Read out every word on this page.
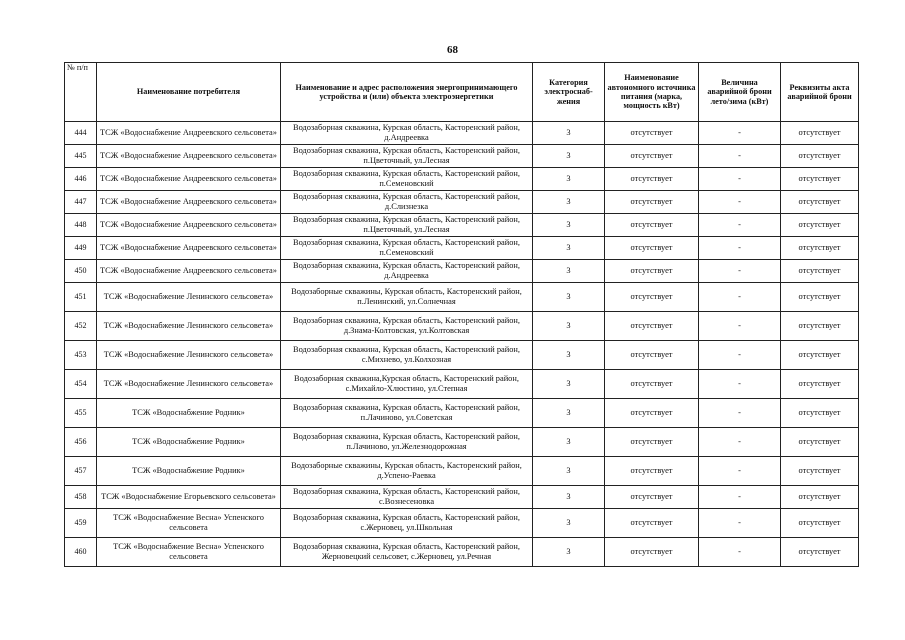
68
№ п/п	Наименование потребителя	Наименование и адрес расположения энергопринимающего устройства и (или) объекта электроэнергетики	Категория электроснаб-жения	Наименование автономного источника питания (марка, мощность кВт)	Величина аварийной брони лето/зима (кВт)	Реквизиты акта аварийной брони
444	ТСЖ «Водоснабжение Андреевского сельсовета»	Водозаборная скважина, Курская область, Касторенский район, д.Андреевка	3	отсутствует	-	отсутствует
445	ТСЖ «Водоснабжение Андреевского сельсовета»	Водозаборная скважина, Курская область, Касторенский район, п.Цветочный, ул.Лесная	3	отсутствует	-	отсутствует
446	ТСЖ «Водоснабжение Андреевского сельсовета»	Водозаборная скважина, Курская область, Касторенский район, п.Семеновский	3	отсутствует	-	отсутствует
447	ТСЖ «Водоснабжение Андреевского сельсовета»	Водозаборная скважина, Курская область, Касторенский район, д.Слизнезка	3	отсутствует	-	отсутствует
448	ТСЖ «Водоснабжение Андреевского сельсовета»	Водозаборная скважина, Курская область, Касторенский район, п.Цветочный, ул.Лесная	3	отсутствует	-	отсутствует
449	ТСЖ «Водоснабжение Андреевского сельсовета»	Водозаборная скважина, Курская область, Касторенский район, п.Семеновский	3	отсутствует	-	отсутствует
450	ТСЖ «Водоснабжение Андреевского сельсовета»	Водозаборная скважина, Курская область, Касторенский район, д.Андреевка	3	отсутствует	-	отсутствует
451	ТСЖ «Водоснабжение Ленинского сельсовета»	Водозаборные скважины, Курская область, Касторенский район, п.Ленинский, ул.Солнечная	3	отсутствует	-	отсутствует
452	ТСЖ «Водоснабжение Ленинского сельсовета»	Водозаборная скважина, Курская область, Касторенский район, д.Знама-Колтовская, ул.Колтовская	3	отсутствует	-	отсутствует
453	ТСЖ «Водоснабжение Ленинского сельсовета»	Водозаборная скважина, Курская область, Касторенский район, с.Михнево, ул.Колхозная	3	отсутствует	-	отсутствует
454	ТСЖ «Водоснабжение Ленинского сельсовета»	Водозаборная скважина,Курская область, Касторенский район, с.Михайло-Хлюстино, ул.Степная	3	отсутствует	-	отсутствует
455	ТСЖ «Водоснабжение Родник»	Водозаборная скважина, Курская область, Касторенский район, п.Лачиново, ул.Советская	3	отсутствует	-	отсутствует
456	ТСЖ «Водоснабжение Родник»	Водозаборная скважина, Курская область, Касторенский район, п.Лачиново, ул.Железнодорожная	3	отсутствует	-	отсутствует
457	ТСЖ «Водоснабжение Родник»	Водозаборные скважины, Курская область, Касторенский район, д.Успено-Раевка	3	отсутствует	-	отсутствует
458	ТСЖ «Водоснабжение Егорьевского сельсовета»	Водозаборная скважина, Курская область, Касторенский район, с.Вознесеновка	3	отсутствует	-	отсутствует
459	ТСЖ «Водоснабжение Весна» Успенского сельсовета	Водозаборная скважина, Курская область, Касторенский район, с.Жерновец, ул.Школьная	3	отсутствует	-	отсутствует
460	ТСЖ «Водоснабжение Весна» Успенского сельсовета	Водозаборная скважина, Курская область, Касторенский район, Жерновецкий сельсовет, с.Жерновец, ул.Речная	3	отсутствует	-	отсутствует
